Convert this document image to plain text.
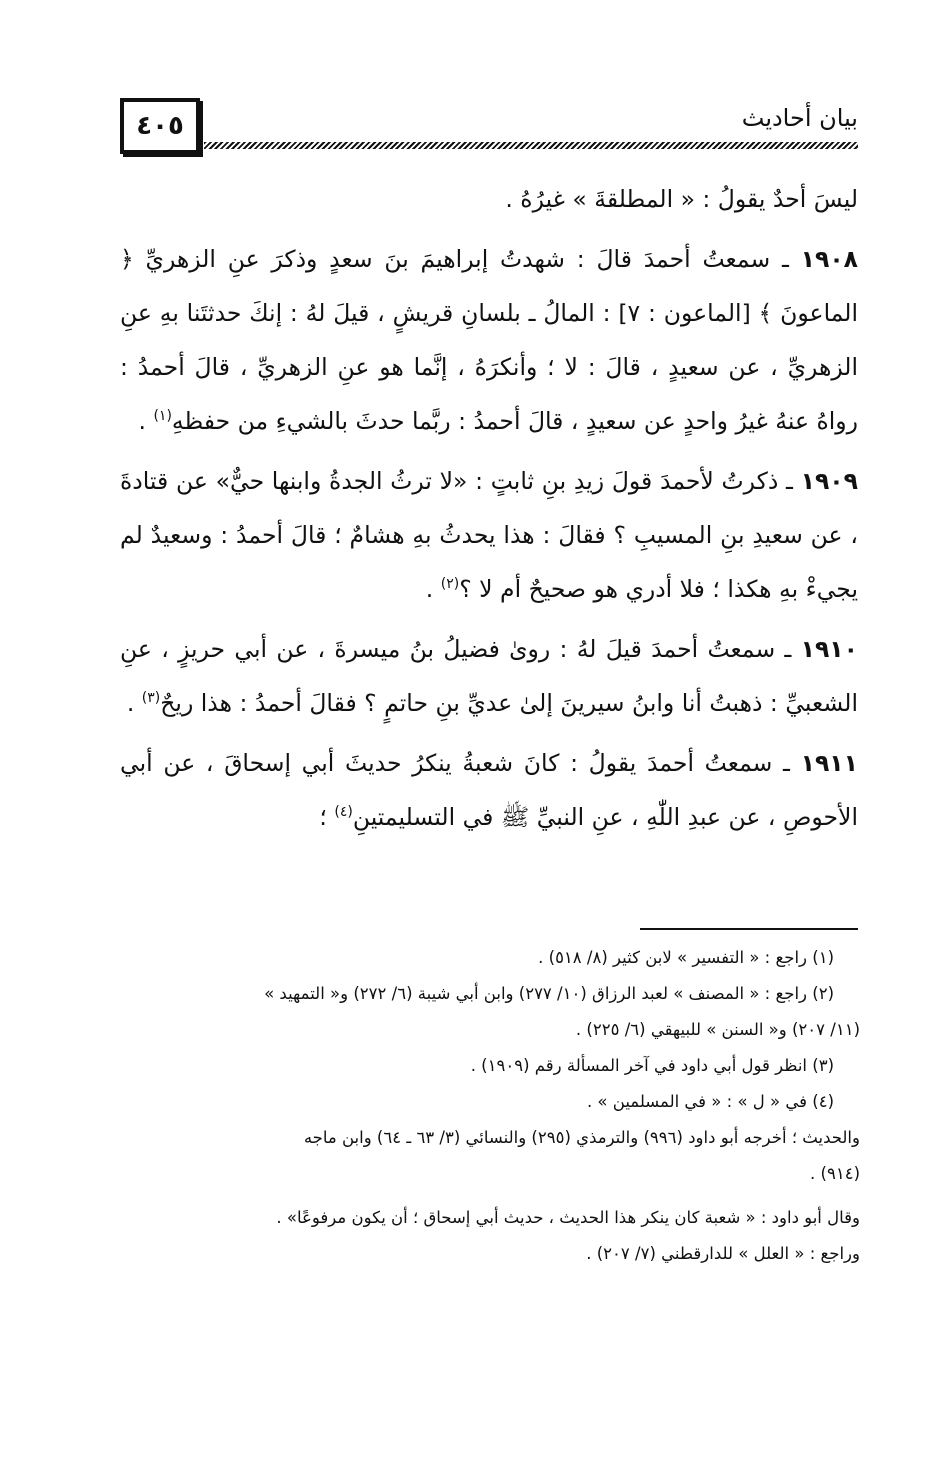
٤٠٥	بيان أحاديث

ليسَ أحدٌ يقولُ : « المطلقةَ » غيرُهُ .

١٩٠٨ ـ سمعتُ أحمدَ قالَ : شهدتُ إبراهيمَ بنَ سعدٍ وذكرَ عنِ الزهريِّ ﴿ الماعونَ ﴾ [الماعون : ٧] : المالُ ـ بلسانِ قريشٍ ، قيلَ لهُ : إنكَ حدثتَنا بهِ عنِ الزهريِّ ، عن سعيدٍ ، قالَ : لا ؛ وأنكرَهُ ، إنَّما هو عنِ الزهريِّ ، قالَ أحمدُ : رواهُ عنهُ غيرُ واحدٍ عن سعيدٍ ، قالَ أحمدُ : ربَّما حدثَ بالشيءِ من حفظهِ$^{(١)}$ .

١٩٠٩ ـ ذكرتُ لأحمدَ قولَ زيدِ بنِ ثابتٍ : «لا ترثُ الجدةُ وابنها حيٌّ» عن قتادةَ ، عن سعيدِ بنِ المسيبِ ؟ فقالَ : هذا يحدثُ بهِ هشامٌ ؛ قالَ أحمدُ : وسعيدٌ لم يجيءْ بهِ هكذا ؛ فلا أدري هو صحيحٌ أم لا ؟$^{(٢)}$ .

١٩١٠ ـ سمعتُ أحمدَ قيلَ لهُ : روىٰ فضيلُ بنُ ميسرةَ ، عن أبي حريزٍ ، عنِ الشعبيِّ : ذهبتُ أنا وابنُ سيرينَ إلىٰ عديِّ بنِ حاتمٍ ؟ فقالَ أحمدُ : هذا ريحٌ$^{(٣)}$ .

١٩١١ ـ سمعتُ أحمدَ يقولُ : كانَ شعبةُ ينكرُ حديثَ أبي إسحاقَ ، عن أبي الأحوصِ ، عن عبدِ اللّٰهِ ، عنِ النبيِّ ﷺ في التسليمتينِ$^{(٤)}$ ؛

(١) راجع : « التفسير » لابن كثير (٨/ ٥١٨) .

(٢) راجع : « المصنف » لعبد الرزاق (١٠/ ٢٧٧) وابن أبي شيبة (٦/ ٢٧٢) و« التمهيد »

(١١/ ٢٠٧) و« السنن » للبيهقي (٦/ ٢٢٥) .

(٣) انظر قول أبي داود في آخر المسألة رقم (١٩٠٩) .

(٤) في « ل » : « في المسلمين » .

والحديث ؛ أخرجه أبو داود (٩٩٦) والترمذي (٢٩٥) والنسائي (٣/ ٦٣ ـ ٦٤) وابن ماجه

(٩١٤) .

وقال أبو داود : « شعبة كان ينكر هذا الحديث ، حديث أبي إسحاق ؛ أن يكون مرفوعًا» .

وراجع : « العلل » للدارقطني (٧/ ٢٠٧) .
